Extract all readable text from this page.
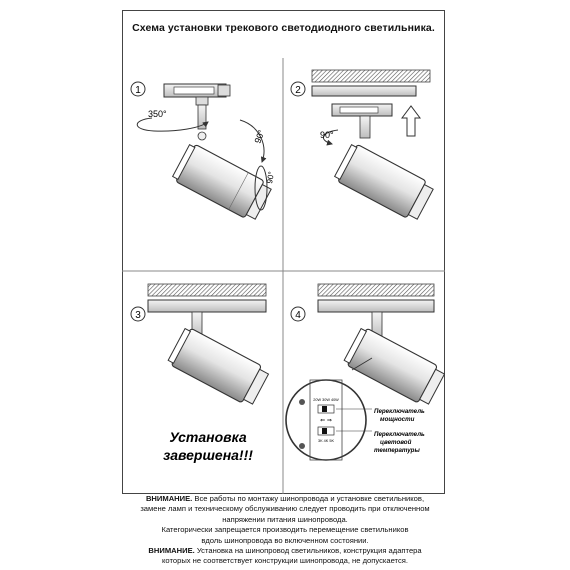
Схема установки трекового светодиодного светильника.
1
350°
90°
90°
2
90°
3
Установка
завершена!!!
4
20W 30W 40W
⇐ ⇒
3K 4K 5K
Переключатель
мощности
Переключатель
цветовой
температуры
ВНИМАНИЕ. Все работы по монтажу шинопровода и установке светильников,
замене ламп и техническому обслуживанию следует проводить при отключенном
напряжении питания шинопровода.
Категорически запрещается производить перемещение светильников
вдоль шинопровода во включенном состоянии.
ВНИМАНИЕ. Установка на шинопровод светильников, конструкция адаптера
которых не соответствует конструкции шинопровода, не допускается.
